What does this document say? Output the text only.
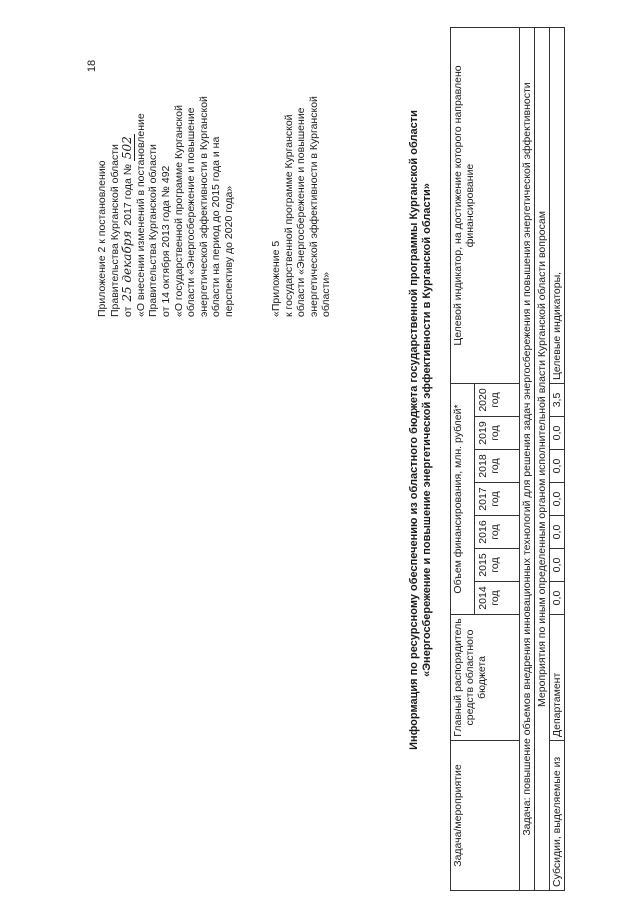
18
Приложение 2 к постановлению Правительства Курганской области от 25 декабря 2017 года № 502 «О внесении изменений в постановление Правительства Курганской области от 14 октября 2013 года № 492 «О государственной программе Курганской области «Энергосбережение и повышение энергетической эффективности в Курганской области на период до 2015 года и на перспективу до 2020 года»	«Приложение 5 к государственной программе Курганской области «Энергосбережение и повышение энергетической эффективности в Курганской области»	Информация по ресурсному обеспечению из областного бюджета государственной программы Курганской области «Энергосбережение и повышение энергетической эффективности в Курганской области»
Задача/мероприятие	Главный распорядитель средств областного бюджета	Объем финансирования, млн. рублей*							Целевой индикатор, на достижение которого направлено финансирование
		2014 год	2015 год	2016 год	2017 год	2018 год	2019 год	2020 год	
Задача: повышение объемов внедрения инновационных технологий для решения задач энергосбережения и повышения энергетической эффективности									
Мероприятия по иным определенным органом исполнительной власти Курганской области вопросам									
Субсидии, выделяемые из	Департамент	0,0	0,0	0,0	0,0	0,0	0,0	3,5	Целевые индикаторы,
